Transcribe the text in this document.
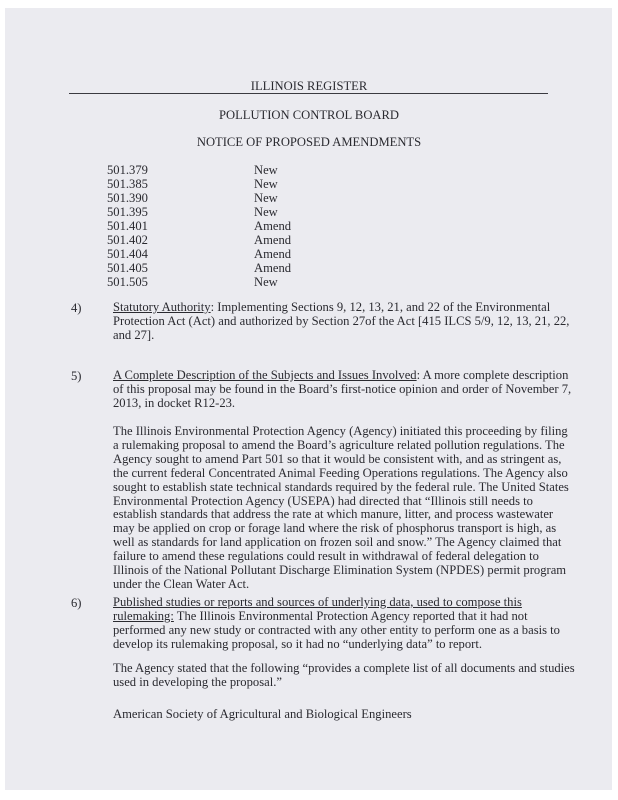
ILLINOIS REGISTER
POLLUTION CONTROL BOARD
NOTICE OF PROPOSED AMENDMENTS
501.379	New
501.385	New
501.390	New
501.395	New
501.401	Amend
501.402	Amend
501.404	Amend
501.405	Amend
501.505	New
4)	Statutory Authority: Implementing Sections 9, 12, 13, 21, and 22 of the Environmental Protection Act (Act) and authorized by Section 27of the Act [415 ILCS 5/9, 12, 13, 21, 22, and 27].
5)	A Complete Description of the Subjects and Issues Involved: A more complete description of this proposal may be found in the Board’s first-notice opinion and order of November 7, 2013, in docket R12-23.
The Illinois Environmental Protection Agency (Agency) initiated this proceeding by filing a rulemaking proposal to amend the Board’s agriculture related pollution regulations. The Agency sought to amend Part 501 so that it would be consistent with, and as stringent as, the current federal Concentrated Animal Feeding Operations regulations. The Agency also sought to establish state technical standards required by the federal rule. The United States Environmental Protection Agency (USEPA) had directed that “Illinois still needs to establish standards that address the rate at which manure, litter, and process wastewater may be applied on crop or forage land where the risk of phosphorus transport is high, as well as standards for land application on frozen soil and snow.” The Agency claimed that failure to amend these regulations could result in withdrawal of federal delegation to Illinois of the National Pollutant Discharge Elimination System (NPDES) permit program under the Clean Water Act.
6)	Published studies or reports and sources of underlying data, used to compose this rulemaking: The Illinois Environmental Protection Agency reported that it had not performed any new study or contracted with any other entity to perform one as a basis to develop its rulemaking proposal, so it had no “underlying data” to report.
The Agency stated that the following “provides a complete list of all documents and studies used in developing the proposal.”
American Society of Agricultural and Biological Engineers
